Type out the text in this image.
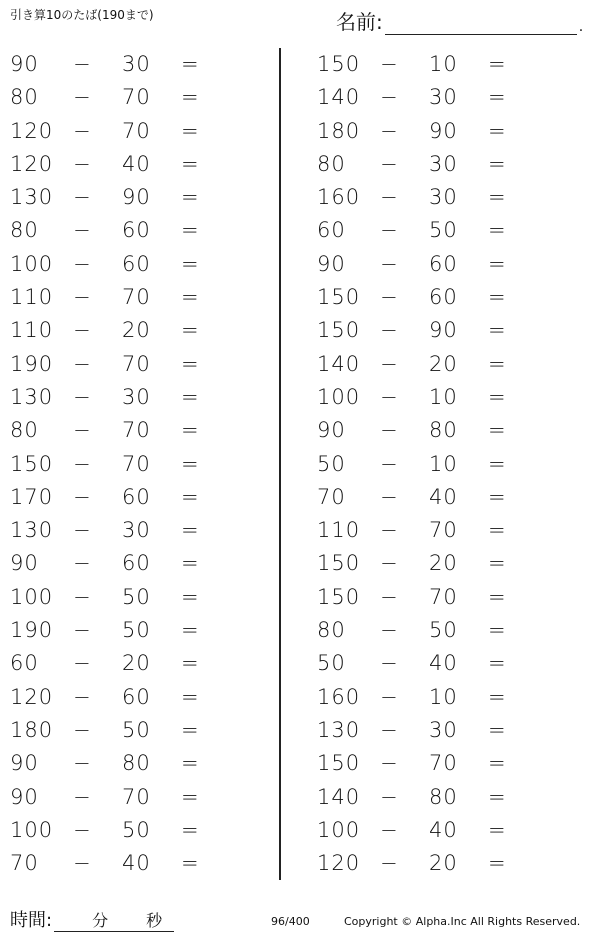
引き算10のたば(190まで)	名前:	.
90 − 30 =
80 − 70 =
120 − 70 =
120 − 40 =
130 − 90 =
80 − 60 =
100 − 60 =
110 − 70 =
110 − 20 =
190 − 70 =
130 − 30 =
80 − 70 =
150 − 70 =
170 − 60 =
130 − 30 =
90 − 60 =
100 − 50 =
190 − 50 =
60 − 20 =
120 − 60 =
180 − 50 =
90 − 80 =
90 − 70 =
100 − 50 =
70 − 40 =
150 − 10 =
140 − 30 =
180 − 90 =
80 − 30 =
160 − 30 =
60 − 50 =
90 − 60 =
150 − 60 =
150 − 90 =
140 − 20 =
100 − 10 =
90 − 80 =
50 − 10 =
70 − 40 =
110 − 70 =
150 − 20 =
150 − 70 =
80 − 50 =
50 − 40 =
160 − 10 =
130 − 30 =
150 − 70 =
140 − 80 =
100 − 40 =
120 − 20 =
時間:	分 秒	96/400	Copyright © Alpha.Inc All Rights Reserved.
